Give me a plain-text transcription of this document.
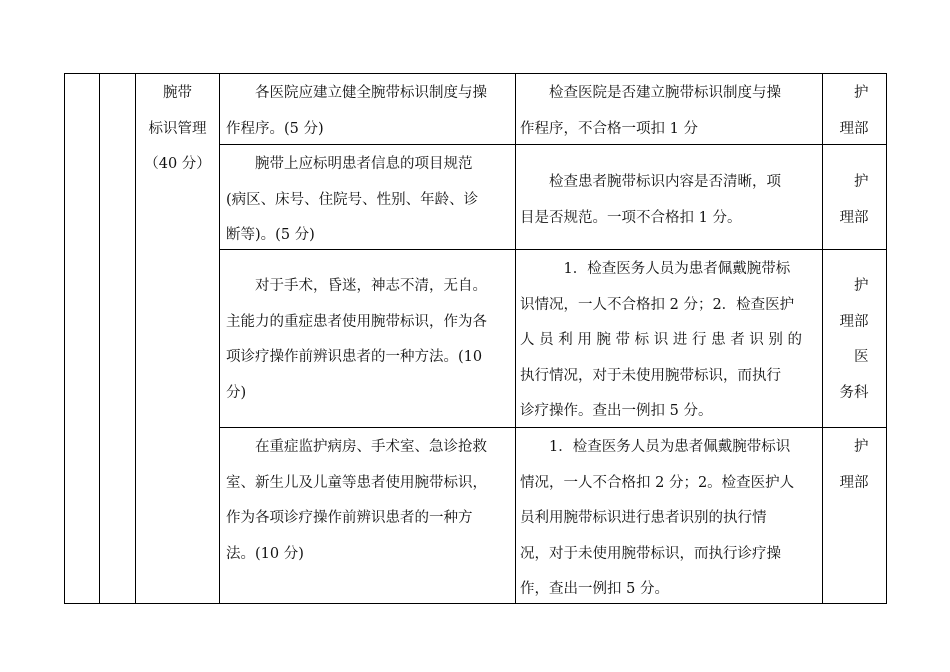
腕带

标识管理

（40 分）

各医院应建立健全腕带标识制度与操

作程序。(5 分)

检查医院是否建立腕带标识制度与操

作程序，不合格一项扣 1 分

护

理部

腕带上应标明患者信息的项目规范

(病区、床号、住院号、性别、年龄、诊

断等)。(5 分)

检查患者腕带标识内容是否清晰，项

目是否规范。一项不合格扣 1 分。

护

理部

对于手术，昏迷，神志不清，无自。

主能力的重症患者使用腕带标识，作为各

项诊疗操作前辨识患者的一种方法。(10

分)

1．检查医务人员为患者佩戴腕带标

识情况，一人不合格扣 2 分；2．检查医护

人 员 利 用 腕 带 标 识 进 行 患 者 识 别 的

执行情况，对于未使用腕带标识，而执行

诊疗操作。查出一例扣 5 分。

护

理部

医

务科

在重症监护病房、手术室、急诊抢救

室、新生儿及儿童等患者使用腕带标识，

作为各项诊疗操作前辨识患者的一种方

法。(10 分)

1．检查医务人员为患者佩戴腕带标识

情况，一人不合格扣 2 分；2。检查医护人

员利用腕带标识进行患者识别的执行情

况，对于未使用腕带标识，而执行诊疗操

作，查出一例扣 5 分。

护

理部
